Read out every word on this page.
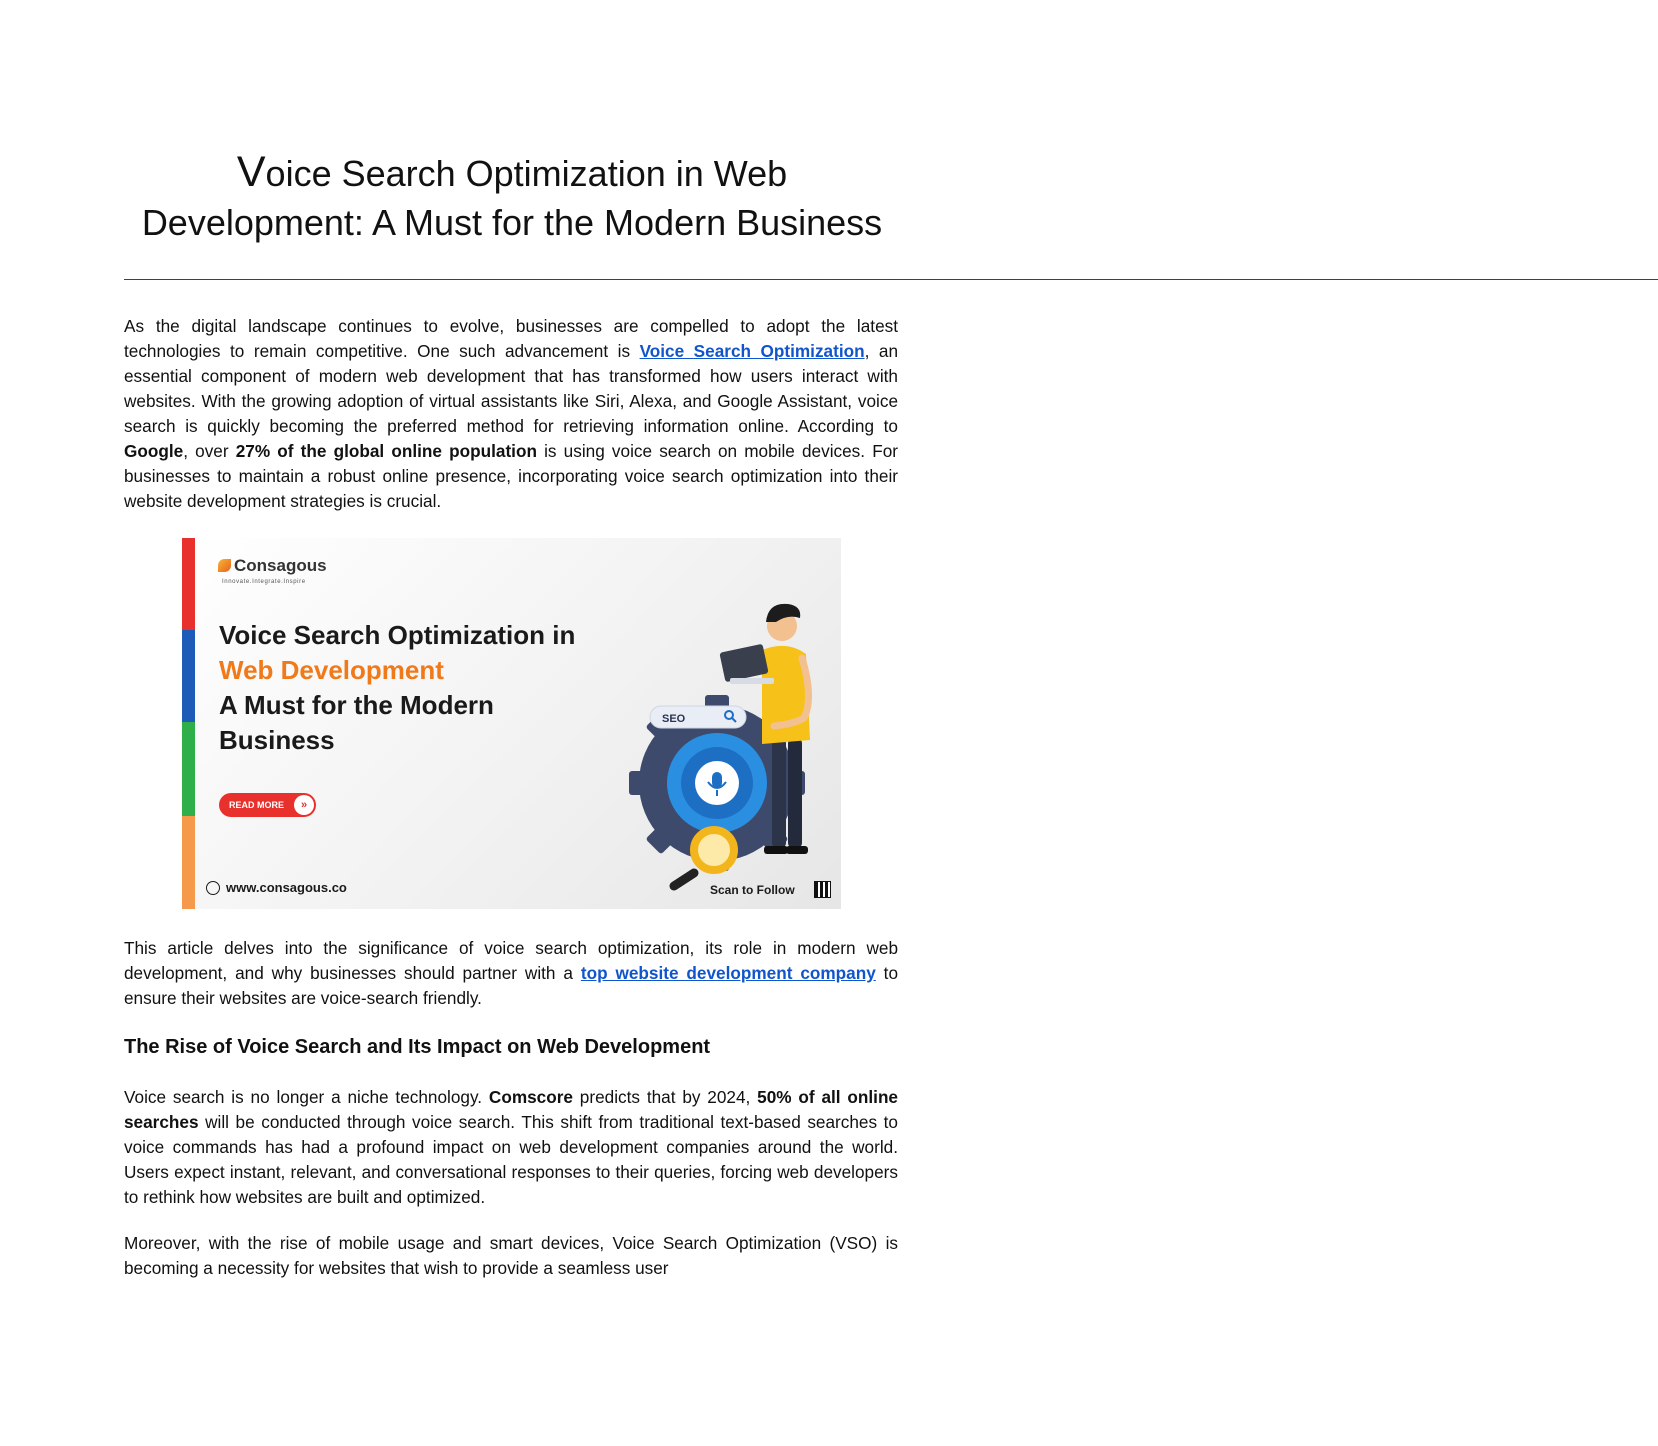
Voice Search Optimization in Web
Development: A Must for the Modern Business
————————————————————————————————————————————————————————————————————————————————————————————————————————————————

As the digital landscape continues to evolve, businesses are compelled to adopt the latest technologies to remain competitive. One such advancement is Voice Search Optimization, an essential component of modern web development that has transformed how users interact with websites. With the growing adoption of virtual assistants like Siri, Alexa, and Google Assistant, voice search is quickly becoming the preferred method for retrieving information online. According to Google, over 27% of the global online population is using voice search on mobile devices. For businesses to maintain a robust online presence, incorporating voice search optimization into their website development strategies is crucial.

Consagous
Innovate.Integrate.Inspire
Voice Search Optimization in
Web Development
A Must for the Modern
Business
READ MORE	»
SEO
www.consagous.co	Scan to Follow

This article delves into the significance of voice search optimization, its role in modern web development, and why businesses should partner with a top website development company to ensure their websites are voice-search friendly.

The Rise of Voice Search and Its Impact on Web Development

Voice search is no longer a niche technology. Comscore predicts that by 2024, 50% of all online searches will be conducted through voice search. This shift from traditional text-based searches to voice commands has had a profound impact on web development companies around the world. Users expect instant, relevant, and conversational responses to their queries, forcing web developers to rethink how websites are built and optimized.

Moreover, with the rise of mobile usage and smart devices, Voice Search Optimization (VSO) is becoming a necessity for websites that wish to provide a seamless user
